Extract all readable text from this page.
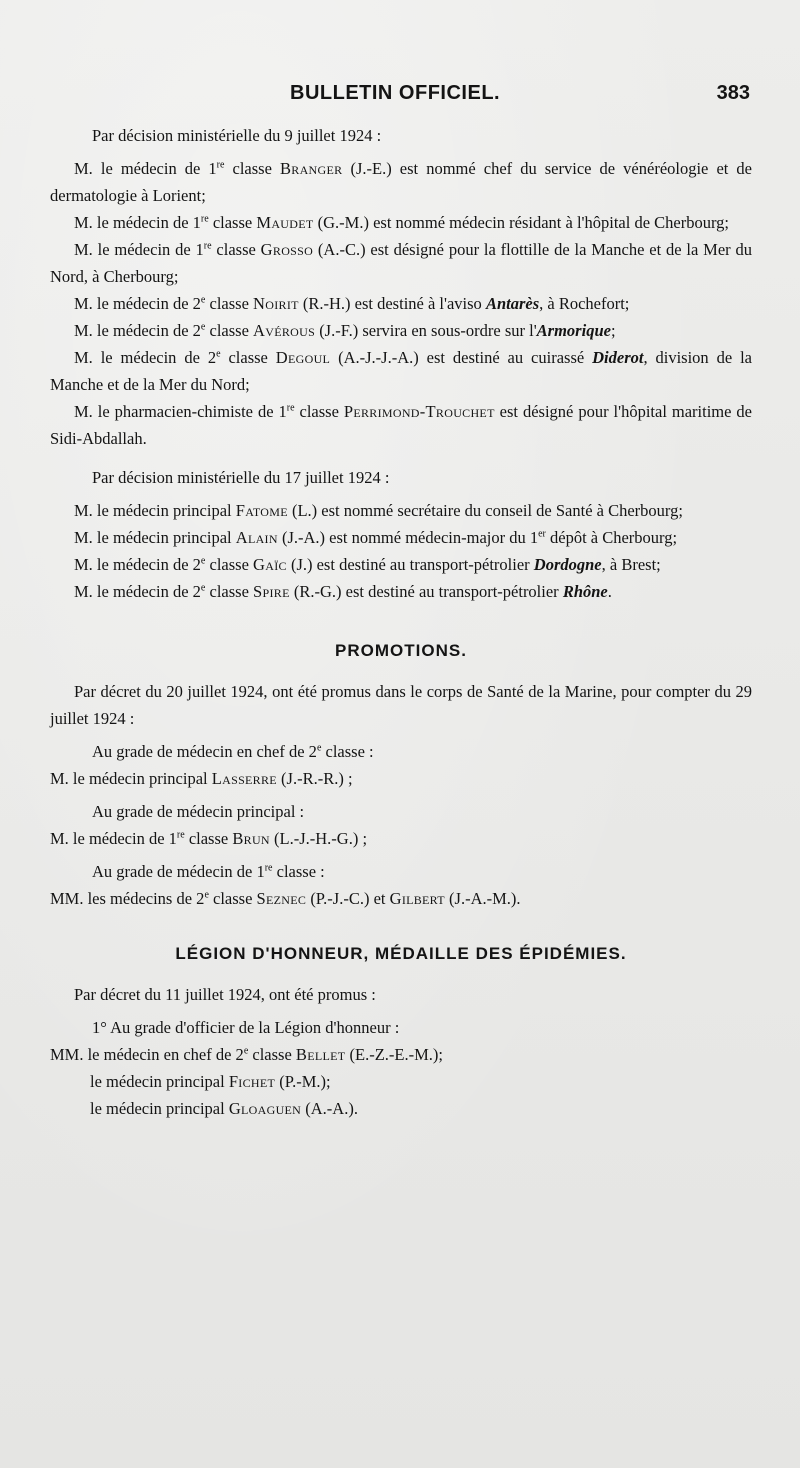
BULLETIN OFFICIEL.	383

Par décision ministérielle du 9 juillet 1924 :

M. le médecin de 1re classe Branger (J.-E.) est nommé chef du service de vénéréologie et de dermatologie à Lorient;

M. le médecin de 1re classe Maudet (G.-M.) est nommé médecin résidant à l'hôpital de Cherbourg;

M. le médecin de 1re classe Grosso (A.-C.) est désigné pour la flottille de la Manche et de la Mer du Nord, à Cherbourg;

M. le médecin de 2e classe Noirit (R.-H.) est destiné à l'aviso Antarès, à Rochefort;

M. le médecin de 2e classe Avérous (J.-F.) servira en sous-ordre sur l'Armorique;

M. le médecin de 2e classe Degoul (A.-J.-J.-A.) est destiné au cuirassé Diderot, division de la Manche et de la Mer du Nord;

M. le pharmacien-chimiste de 1re classe Perrimond-Trouchet est désigné pour l'hôpital maritime de Sidi-Abdallah.

Par décision ministérielle du 17 juillet 1924 :

M. le médecin principal Fatome (L.) est nommé secrétaire du conseil de Santé à Cherbourg;

M. le médecin principal Alain (J.-A.) est nommé médecin-major du 1er dépôt à Cherbourg;

M. le médecin de 2e classe Gaïc (J.) est destiné au transport-pétrolier Dordogne, à Brest;

M. le médecin de 2e classe Spire (R.-G.) est destiné au transport-pétrolier Rhône.

PROMOTIONS.

Par décret du 20 juillet 1924, ont été promus dans le corps de Santé de la Marine, pour compter du 29 juillet 1924 :

Au grade de médecin en chef de 2e classe :

M. le médecin principal Lasserre (J.-R.-R.) ;

Au grade de médecin principal :

M. le médecin de 1re classe Brun (L.-J.-H.-G.) ;

Au grade de médecin de 1re classe :

MM. les médecins de 2e classe Seznec (P.-J.-C.) et Gilbert (J.-A.-M.).

LÉGION D'HONNEUR, MÉDAILLE DES ÉPIDÉMIES.

Par décret du 11 juillet 1924, ont été promus :

1° Au grade d'officier de la Légion d'honneur :

MM. le médecin en chef de 2e classe Bellet (E.-Z.-E.-M.);

le médecin principal Fichet (P.-M.);

le médecin principal Gloaguen (A.-A.).
